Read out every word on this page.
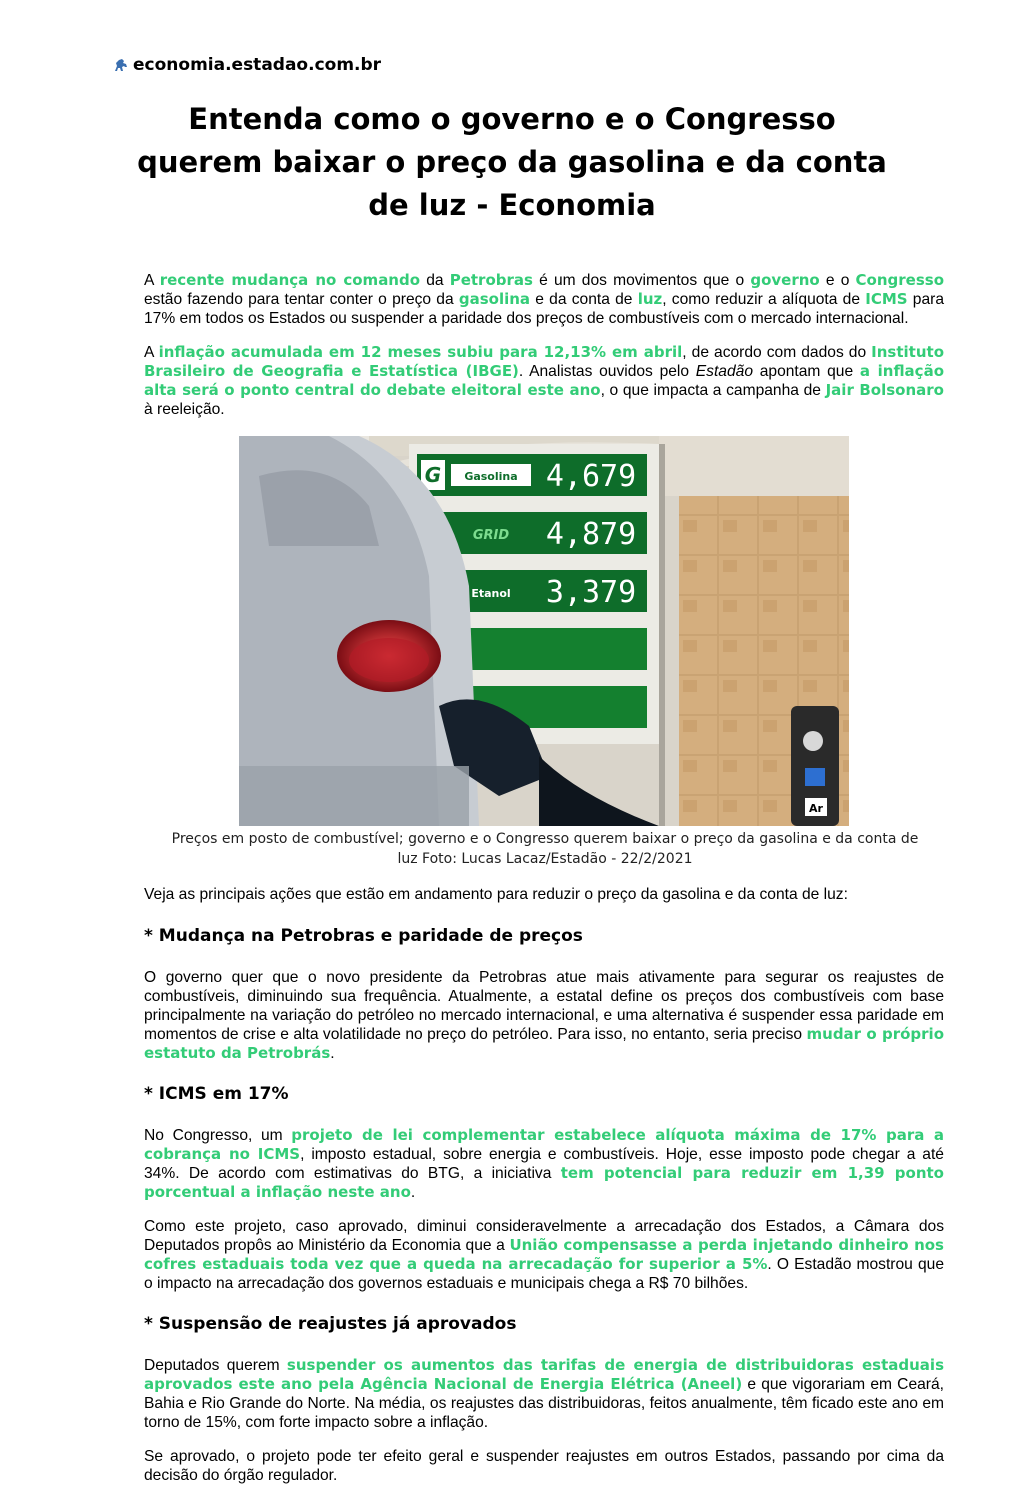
economia.estadao.com.br
Entenda como o governo e o Congresso querem baixar o preço da gasolina e da conta de luz - Economia

A recente mudança no comando da Petrobras é um dos movimentos que o governo e o Congresso estão fazendo para tentar conter o preço da gasolina e da conta de luz, como reduzir a alíquota de ICMS para 17% em todos os Estados ou suspender a paridade dos preços de combustíveis com o mercado internacional.

A inflação acumulada em 12 meses subiu para 12,13% em abril, de acordo com dados do Instituto Brasileiro de Geografia e Estatística (IBGE). Analistas ouvidos pelo Estadão apontam que a inflação alta será o ponto central do debate eleitoral este ano, o que impacta a campanha de Jair Bolsonaro à reeleição.

G Gasolina
GRID
Etanol
4,679
4,879
3,379
Ar
Preços em posto de combustível; governo e o Congresso querem baixar o preço da gasolina e da conta de luz Foto: Lucas Lacaz/Estadão - 22/2/2021

Veja as principais ações que estão em andamento para reduzir o preço da gasolina e da conta de luz:

* Mudança na Petrobras e paridade de preços

O governo quer que o novo presidente da Petrobras atue mais ativamente para segurar os reajustes de combustíveis, diminuindo sua frequência. Atualmente, a estatal define os preços dos combustíveis com base principalmente na variação do petróleo no mercado internacional, e uma alternativa é suspender essa paridade em momentos de crise e alta volatilidade no preço do petróleo. Para isso, no entanto, seria preciso mudar o próprio estatuto da Petrobrás.

* ICMS em 17%

No Congresso, um projeto de lei complementar estabelece alíquota máxima de 17% para a cobrança no ICMS, imposto estadual, sobre energia e combustíveis. Hoje, esse imposto pode chegar a até 34%. De acordo com estimativas do BTG, a iniciativa tem potencial para reduzir em 1,39 ponto porcentual a inflação neste ano.

Como este projeto, caso aprovado, diminui consideravelmente a arrecadação dos Estados, a Câmara dos Deputados propôs ao Ministério da Economia que a União compensasse a perda injetando dinheiro nos cofres estaduais toda vez que a queda na arrecadação for superior a 5%. O Estadão mostrou que o impacto na arrecadação dos governos estaduais e municipais chega a R$ 70 bilhões.

* Suspensão de reajustes já aprovados

Deputados querem suspender os aumentos das tarifas de energia de distribuidoras estaduais aprovados este ano pela Agência Nacional de Energia Elétrica (Aneel) e que vigorariam em Ceará, Bahia e Rio Grande do Norte. Na média, os reajustes das distribuidoras, feitos anualmente, têm ficado este ano em torno de 15%, com forte impacto sobre a inflação.

Se aprovado, o projeto pode ter efeito geral e suspender reajustes em outros Estados, passando por cima da decisão do órgão regulador.
